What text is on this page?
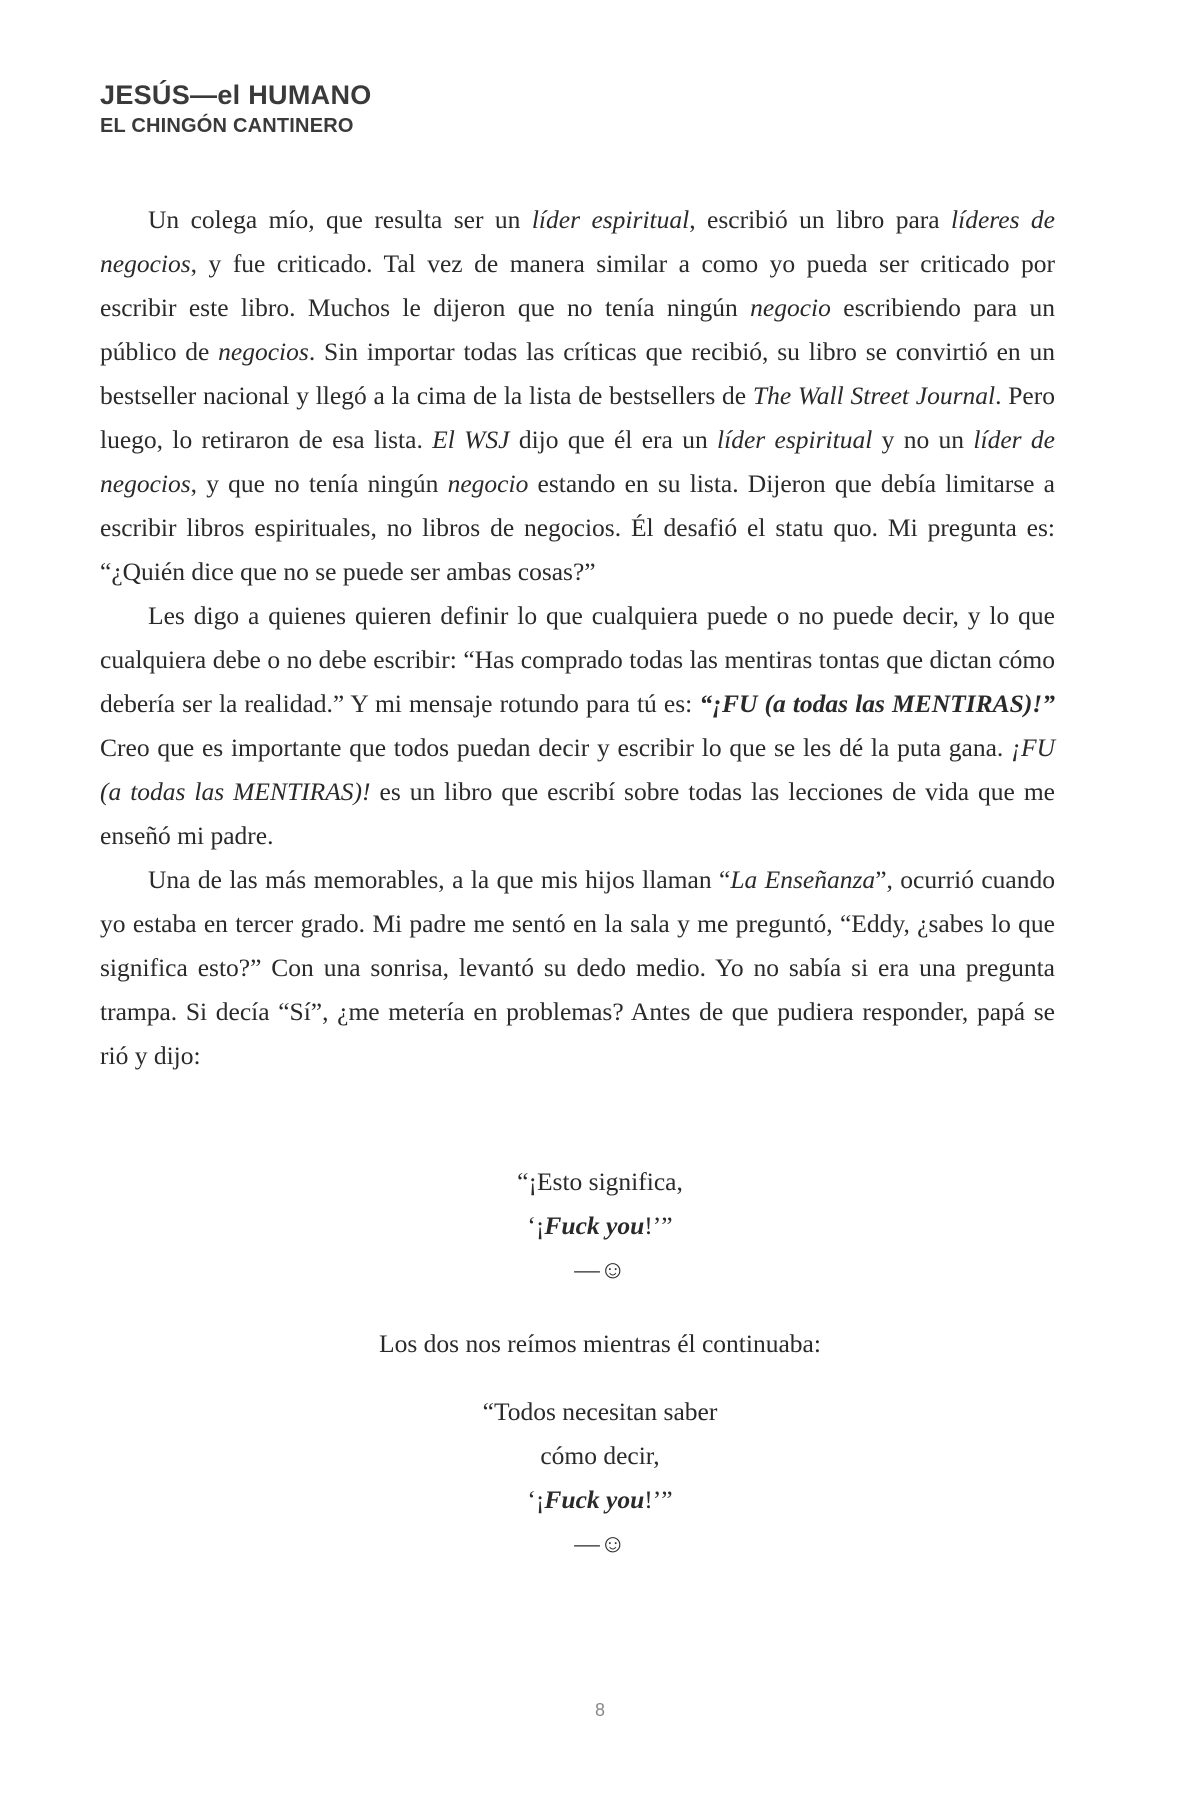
JESÚS—el HUMANO
EL CHINGÓN CANTINERO

Un colega mío, que resulta ser un líder espiritual, escribió un libro para líderes de negocios, y fue criticado. Tal vez de manera similar a como yo pueda ser criticado por escribir este libro. Muchos le dijeron que no tenía ningún negocio escribiendo para un público de negocios. Sin importar todas las críticas que recibió, su libro se convirtió en un bestseller nacional y llegó a la cima de la lista de bestsellers de The Wall Street Journal. Pero luego, lo retiraron de esa lista. El WSJ dijo que él era un líder espiritual y no un líder de negocios, y que no tenía ningún negocio estando en su lista. Dijeron que debía limitarse a escribir libros espirituales, no libros de negocios. Él desafió el statu quo. Mi pregunta es: “¿Quién dice que no se puede ser ambas cosas?”

Les digo a quienes quieren definir lo que cualquiera puede o no puede decir, y lo que cualquiera debe o no debe escribir: “Has comprado todas las mentiras tontas que dictan cómo debería ser la realidad.” Y mi mensaje rotundo para tú es: “¡FU (a todas las MENTIRAS)!” Creo que es importante que todos puedan decir y escribir lo que se les dé la puta gana. ¡FU (a todas las MENTIRAS)! es un libro que escribí sobre todas las lecciones de vida que me enseñó mi padre.

Una de las más memorables, a la que mis hijos llaman “La Enseñanza”, ocurrió cuando yo estaba en tercer grado. Mi padre me sentó en la sala y me preguntó, “Eddy, ¿sabes lo que significa esto?” Con una sonrisa, levantó su dedo medio. Yo no sabía si era una pregunta trampa. Si decía “Sí”, ¿me metería en problemas? Antes de que pudiera responder, papá se rió y dijo:

“¡Esto significa,
‘¡Fuck you!’”
—☺
Los dos nos reímos mientras él continuaba:
“Todos necesitan saber
cómo decir,
‘¡Fuck you!’”
—☺
8
